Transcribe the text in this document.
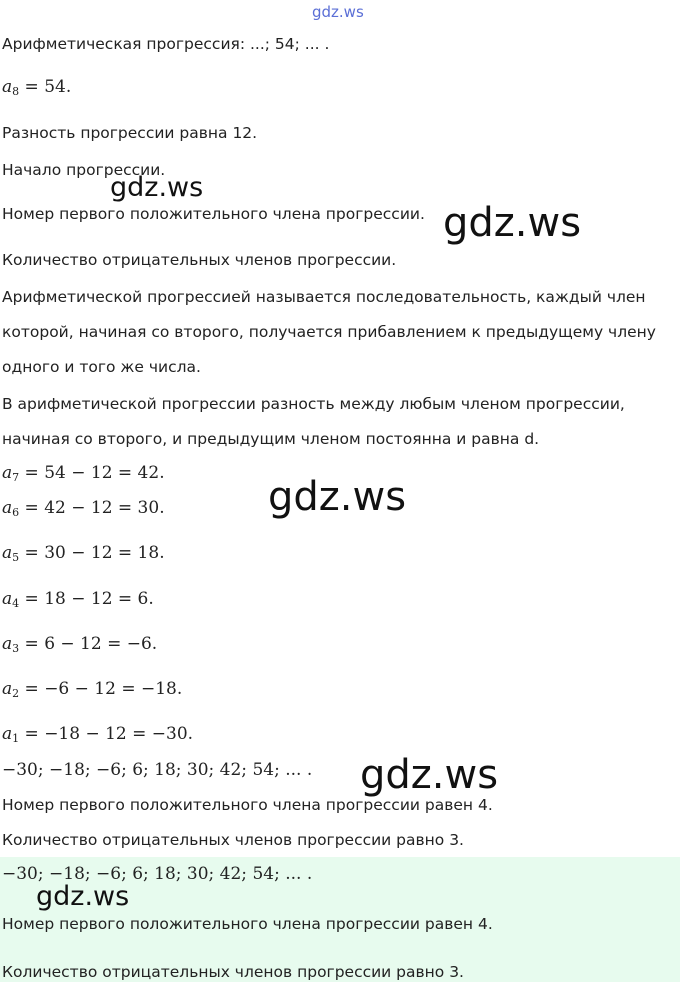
gdz.ws
Арифметическая прогрессия: ...; 54; ... .
$a_8 = 54$.
Разность прогрессии равна 12.
Начало прогрессии.
Номер первого положительного члена прогрессии.
Количество отрицательных членов прогрессии.
Арифметической прогрессией называется последовательность, каждый член
которой, начиная со второго, получается прибавлением к предыдущему члену
одного и того же числа.
В арифметической прогрессии разность между любым членом прогрессии,
начиная со второго, и предыдущим членом постоянна и равна d.
$a_7 = 54 - 12 = 42$.
$a_6 = 42 - 12 = 30$.
$a_5 = 30 - 12 = 18$.
$a_4 = 18 - 12 = 6$.
$a_3 = 6 - 12 = -6$.
$a_2 = -6 - 12 = -18$.
$a_1 = -18 - 12 = -30$.
−30; −18; −6; 6; 18; 30; 42; 54; ... .
Номер первого положительного члена прогрессии равен 4.
Количество отрицательных членов прогрессии равно 3.
−30; −18; −6; 6; 18; 30; 42; 54; ... .
Номер первого положительного члена прогрессии равен 4.
Количество отрицательных членов прогрессии равно 3.
gdz.ws
gdz.ws
gdz.ws
gdz.ws
gdz.ws
